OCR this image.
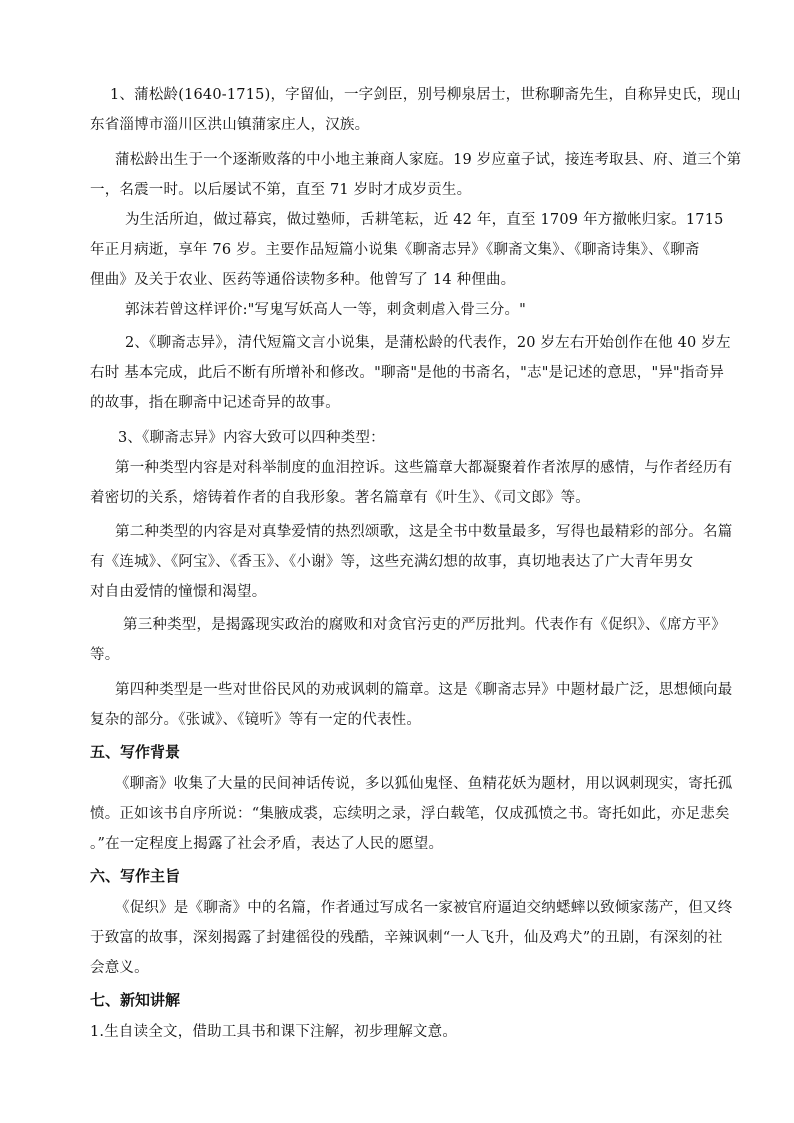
1、蒲松龄(1640-1715)，字留仙，一字剑臣，别号柳泉居士，世称聊斋先生，自称异史氏，现山
东省淄博市淄川区洪山镇蒲家庄人，汉族。
蒲松龄出生于一个逐渐败落的中小地主兼商人家庭。19 岁应童子试，接连考取县、府、道三个第
一，名震一时。以后屡试不第，直至 71 岁时才成岁贡生。
为生活所迫，做过幕宾，做过塾师，舌耕笔耘，近 42 年，直至 1709 年方撤帐归家。1715
年正月病逝，享年 76 岁。主要作品短篇小说集《聊斋志异》《聊斋文集》、《聊斋诗集》、《聊斋
俚曲》及关于农业、医药等通俗读物多种。他曾写了 14 种俚曲。
郭沫若曾这样评价:"写鬼写妖高人一等，刺贪刺虐入骨三分。"
2、《聊斋志异》，清代短篇文言小说集，是蒲松龄的代表作，20 岁左右开始创作在他 40 岁左
右时 基本完成，此后不断有所增补和修改。"聊斋"是他的书斋名，"志"是记述的意思，"异"指奇异
的故事，指在聊斋中记述奇异的故事。
3、《聊斋志异》内容大致可以四种类型：
第一种类型内容是对科举制度的血泪控诉。这些篇章大都凝聚着作者浓厚的感情，与作者经历有
着密切的关系，熔铸着作者的自我形象。著名篇章有《叶生》、《司文郎》等。
第二种类型的内容是对真挚爱情的热烈颂歌，这是全书中数量最多，写得也最精彩的部分。名篇
有《连城》、《阿宝》、《香玉》、《小谢》等，这些充满幻想的故事，真切地表达了广大青年男女
对自由爱情的憧憬和渴望。
第三种类型，是揭露现实政治的腐败和对贪官污吏的严厉批判。代表作有《促织》、《席方平》
等。
第四种类型是一些对世俗民风的劝戒讽刺的篇章。这是《聊斋志异》中题材最广泛，思想倾向最
复杂的部分。《张诚》、《镜听》等有一定的代表性。
五、写作背景
《聊斋》收集了大量的民间神话传说，多以狐仙鬼怪、鱼精花妖为题材，用以讽刺现实，寄托孤
愤。正如该书自序所说：“集腋成裘，忘续明之录，浮白载笔，仅成孤愤之书。寄托如此，亦足悲矣
。”在一定程度上揭露了社会矛盾，表达了人民的愿望。
六、写作主旨
《促织》是《聊斋》中的名篇，作者通过写成名一家被官府逼迫交纳蟋蟀以致倾家荡产，但又终
于致富的故事，深刻揭露了封建徭役的残酷，辛辣讽刺“一人飞升，仙及鸡犬”的丑剧，有深刻的社
会意义。
七、新知讲解
1.生自读全文，借助工具书和课下注解，初步理解文意。
